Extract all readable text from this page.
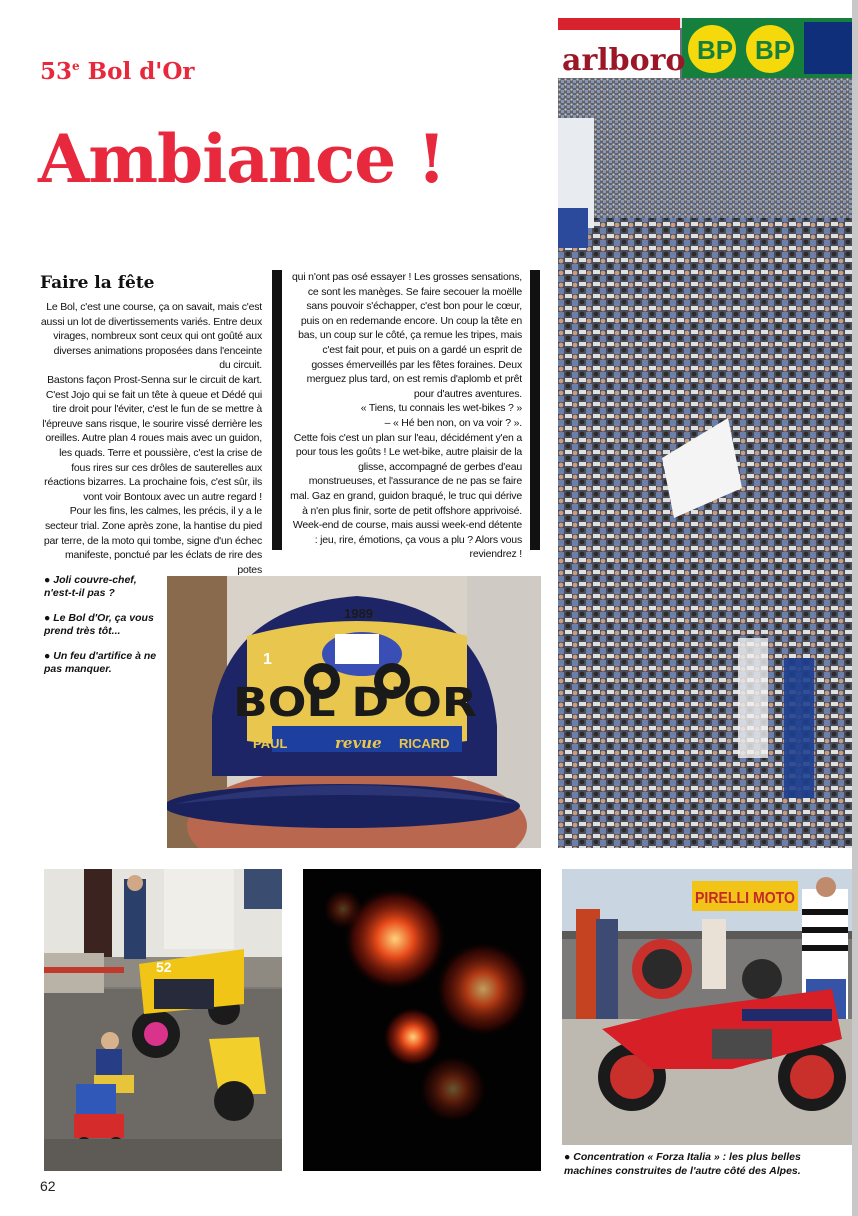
53e Bol d'Or
Ambiance !
Faire la fête

Le Bol, c'est une course, ça on savait, mais c'est aussi un lot de divertissements variés. Entre deux virages, nombreux sont ceux qui ont goûté aux diverses animations proposées dans l'enceinte du circuit.

Bastons façon Prost-Senna sur le circuit de kart. C'est Jojo qui se fait un tête à queue et Dédé qui tire droit pour l'éviter, c'est le fun de se mettre à l'épreuve sans risque, le sourire vissé derrière les oreilles. Autre plan 4 roues mais avec un guidon, les quads. Terre et poussière, c'est la crise de fous rires sur ces drôles de sauterelles aux réactions bizarres. La prochaine fois, c'est sûr, ils vont voir Bontoux avec un autre regard !

Pour les fins, les calmes, les précis, il y a le secteur trial. Zone après zone, la hantise du pied par terre, de la moto qui tombe, signe d'un échec manifeste, ponctué par les éclats de rire des potes

qui n'ont pas osé essayer ! Les grosses sensations, ce sont les manèges. Se faire secouer la moëlle sans pouvoir s'échapper, c'est bon pour le cœur, puis on en redemande encore. Un coup la tête en bas, un coup sur le côté, ça remue les tripes, mais c'est fait pour, et puis on a gardé un esprit de gosses émerveillés par les fêtes foraines. Deux merguez plus tard, on est remis d'aplomb et prêt pour d'autres aventures.

« Tiens, tu connais les wet-bikes ? »

– « Hé ben non, on va voir ? ».

Cette fois c'est un plan sur l'eau, décidément y'en a pour tous les goûts ! Le wet-bike, autre plaisir de la glisse, accompagné de gerbes d'eau monstrueuses, et l'assurance de ne pas se faire mal. Gaz en grand, guidon braqué, le truc qui dérive à n'en plus finir, sorte de petit offshore apprivoisé.

Week-end de course, mais aussi week-end détente : jeu, rire, émotions, ça vous a plu ? Alors vous reviendrez !

● Joli couvre-chef, n'est-t-il pas ?

● Le Bol d'Or, ça vous prend très tôt...

● Un feu d'artifice à ne pas manquer.

arlboro BP BP
1989
1
BOL D'OR
PAUL	revue RICARD
52
PIRELLI MOTO
● Concentration « Forza Italia » : les plus belles machines construites de l'autre côté des Alpes.
62
